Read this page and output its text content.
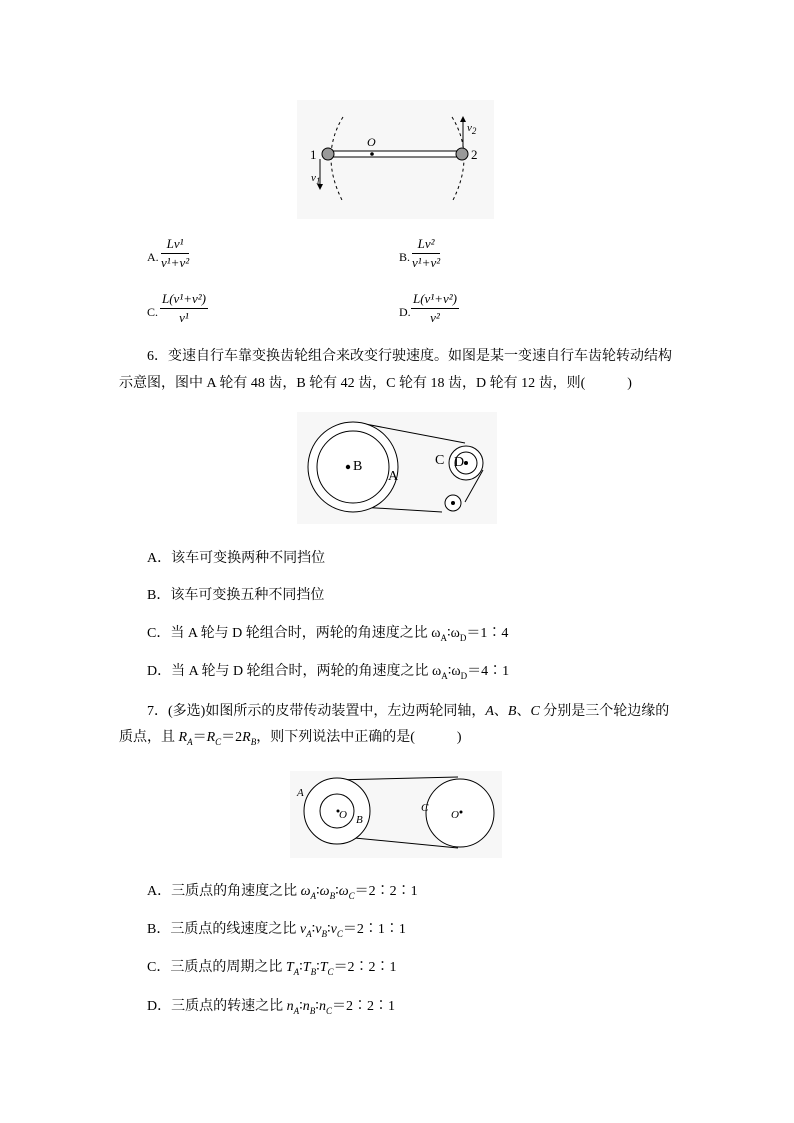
1	2
O
$v_1$
$v_2$
A. $\frac{\text{Lv¹}}{\text{v¹+v²}}$	B. $\frac{\text{Lv²}}{\text{v¹+v²}}$
C. $\frac{\text{L(v¹+v²)}}{\text{v¹}}$	D. $\frac{\text{L(v¹+v²)}}{\text{v²}}$
6．变速自行车靠变换齿轮组合来改变行驶速度。如图是某一变速自行车齿轮转动结构
示意图，图中 A 轮有 48 齿，B 轮有 42 齿，C 轮有 18 齿，D 轮有 12 齿，则(　　　)
B
A
C D
A．该车可变换两种不同挡位
B．该车可变换五种不同挡位
C．当 A 轮与 D 轮组合时，两轮的角速度之比 $\omega_A∶\omega_D=1∶4$
D．当 A 轮与 D 轮组合时，两轮的角速度之比 $\omega_A∶\omega_D=4∶1$
7．(多选)如图所示的皮带传动装置中，左边两轮同轴，A、B、C 分别是三个轮边缘的
质点，且 $R_A=R_C=2R_B$，则下列说法中正确的是(　　　)
A
O B
C
O′
A．三质点的角速度之比 $\omega_A∶\omega_B∶\omega_C=2∶2∶1$
B．三质点的线速度之比 $v_A∶v_B∶v_C=2∶1∶1$
C．三质点的周期之比 $T_A∶T_B∶T_C=2∶2∶1$
D．三质点的转速之比 $n_A∶n_B∶n_C=2∶2∶1$
